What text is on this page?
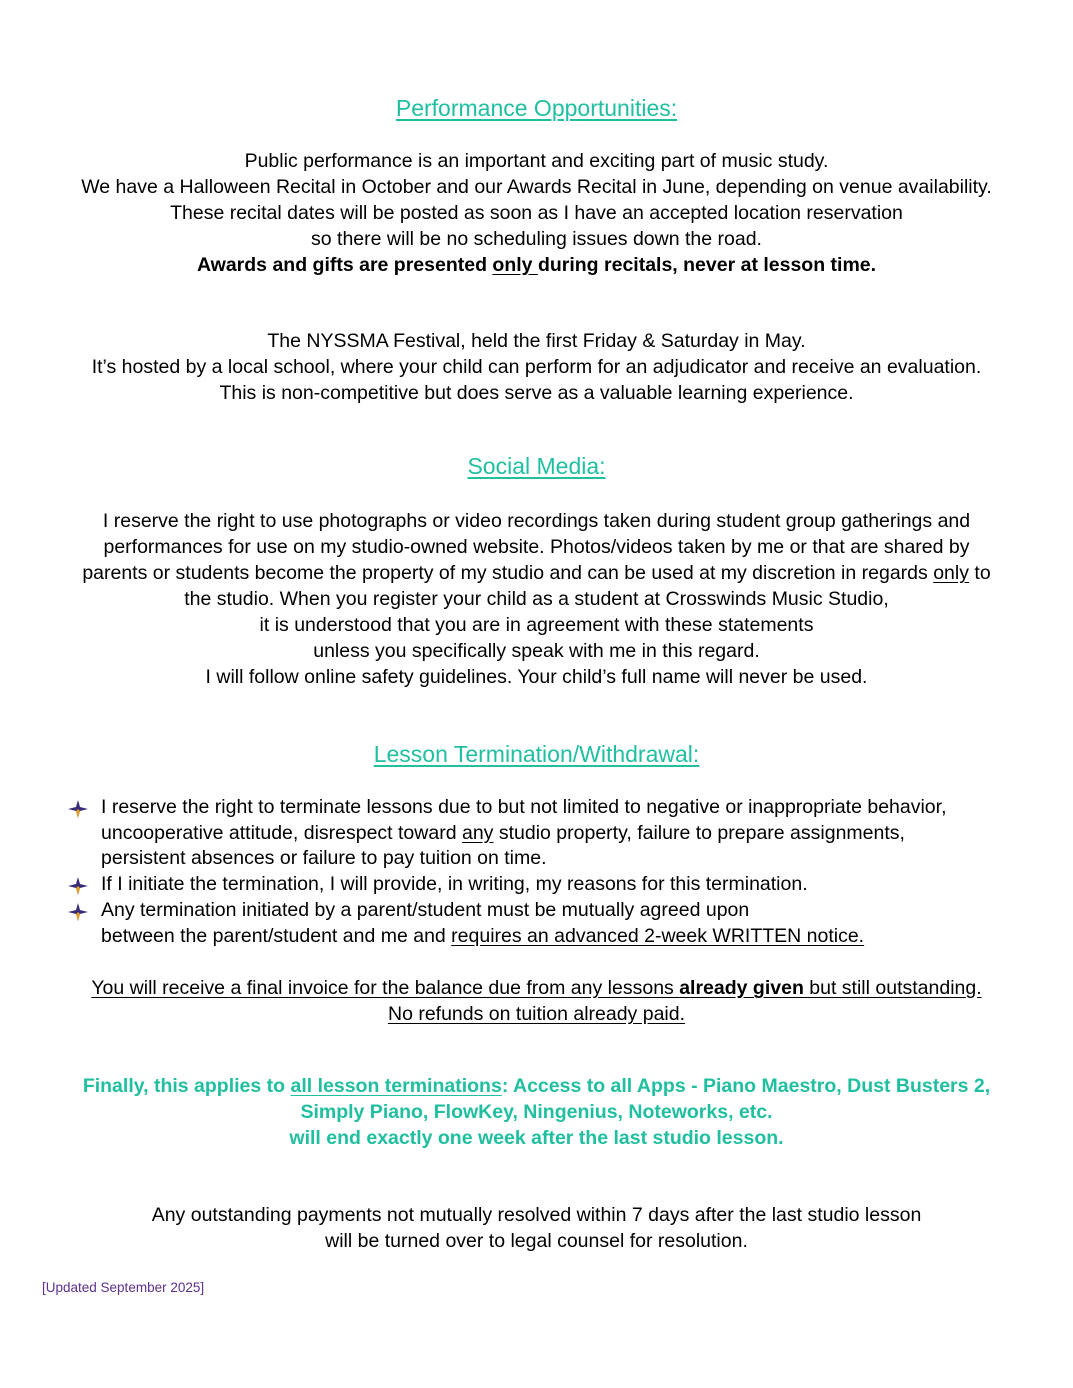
Performance Opportunities:
Public performance is an important and exciting part of music study.
We have a Halloween Recital in October and our Awards Recital in June, depending on venue availability.
These recital dates will be posted as soon as I have an accepted location reservation
so there will be no scheduling issues down the road.
Awards and gifts are presented only during recitals, never at lesson time.
The NYSSMA Festival, held the first Friday & Saturday in May.
It’s hosted by a local school, where your child can perform for an adjudicator and receive an evaluation.
This is non-competitive but does serve as a valuable learning experience.
Social Media:
I reserve the right to use photographs or video recordings taken during student group gatherings and
performances for use on my studio-owned website. Photos/videos taken by me or that are shared by
parents or students become the property of my studio and can be used at my discretion in regards only to
the studio. When you register your child as a student at Crosswinds Music Studio,
it is understood that you are in agreement with these statements
unless you specifically speak with me in this regard.
I will follow online safety guidelines. Your child’s full name will never be used.
Lesson Termination/Withdrawal:
I reserve the right to terminate lessons due to but not limited to negative or inappropriate behavior,
uncooperative attitude, disrespect toward any studio property, failure to prepare assignments,
persistent absences or failure to pay tuition on time.
If I initiate the termination, I will provide, in writing, my reasons for this termination.
Any termination initiated by a parent/student must be mutually agreed upon
between the parent/student and me and requires an advanced 2-week WRITTEN notice.
You will receive a final invoice for the balance due from any lessons already given but still outstanding.
No refunds on tuition already paid.
Finally, this applies to all lesson terminations: Access to all Apps - Piano Maestro, Dust Busters 2,
Simply Piano, FlowKey, Ningenius, Noteworks, etc.
will end exactly one week after the last studio lesson.
Any outstanding payments not mutually resolved within 7 days after the last studio lesson
will be turned over to legal counsel for resolution.
[Updated September 2025]
